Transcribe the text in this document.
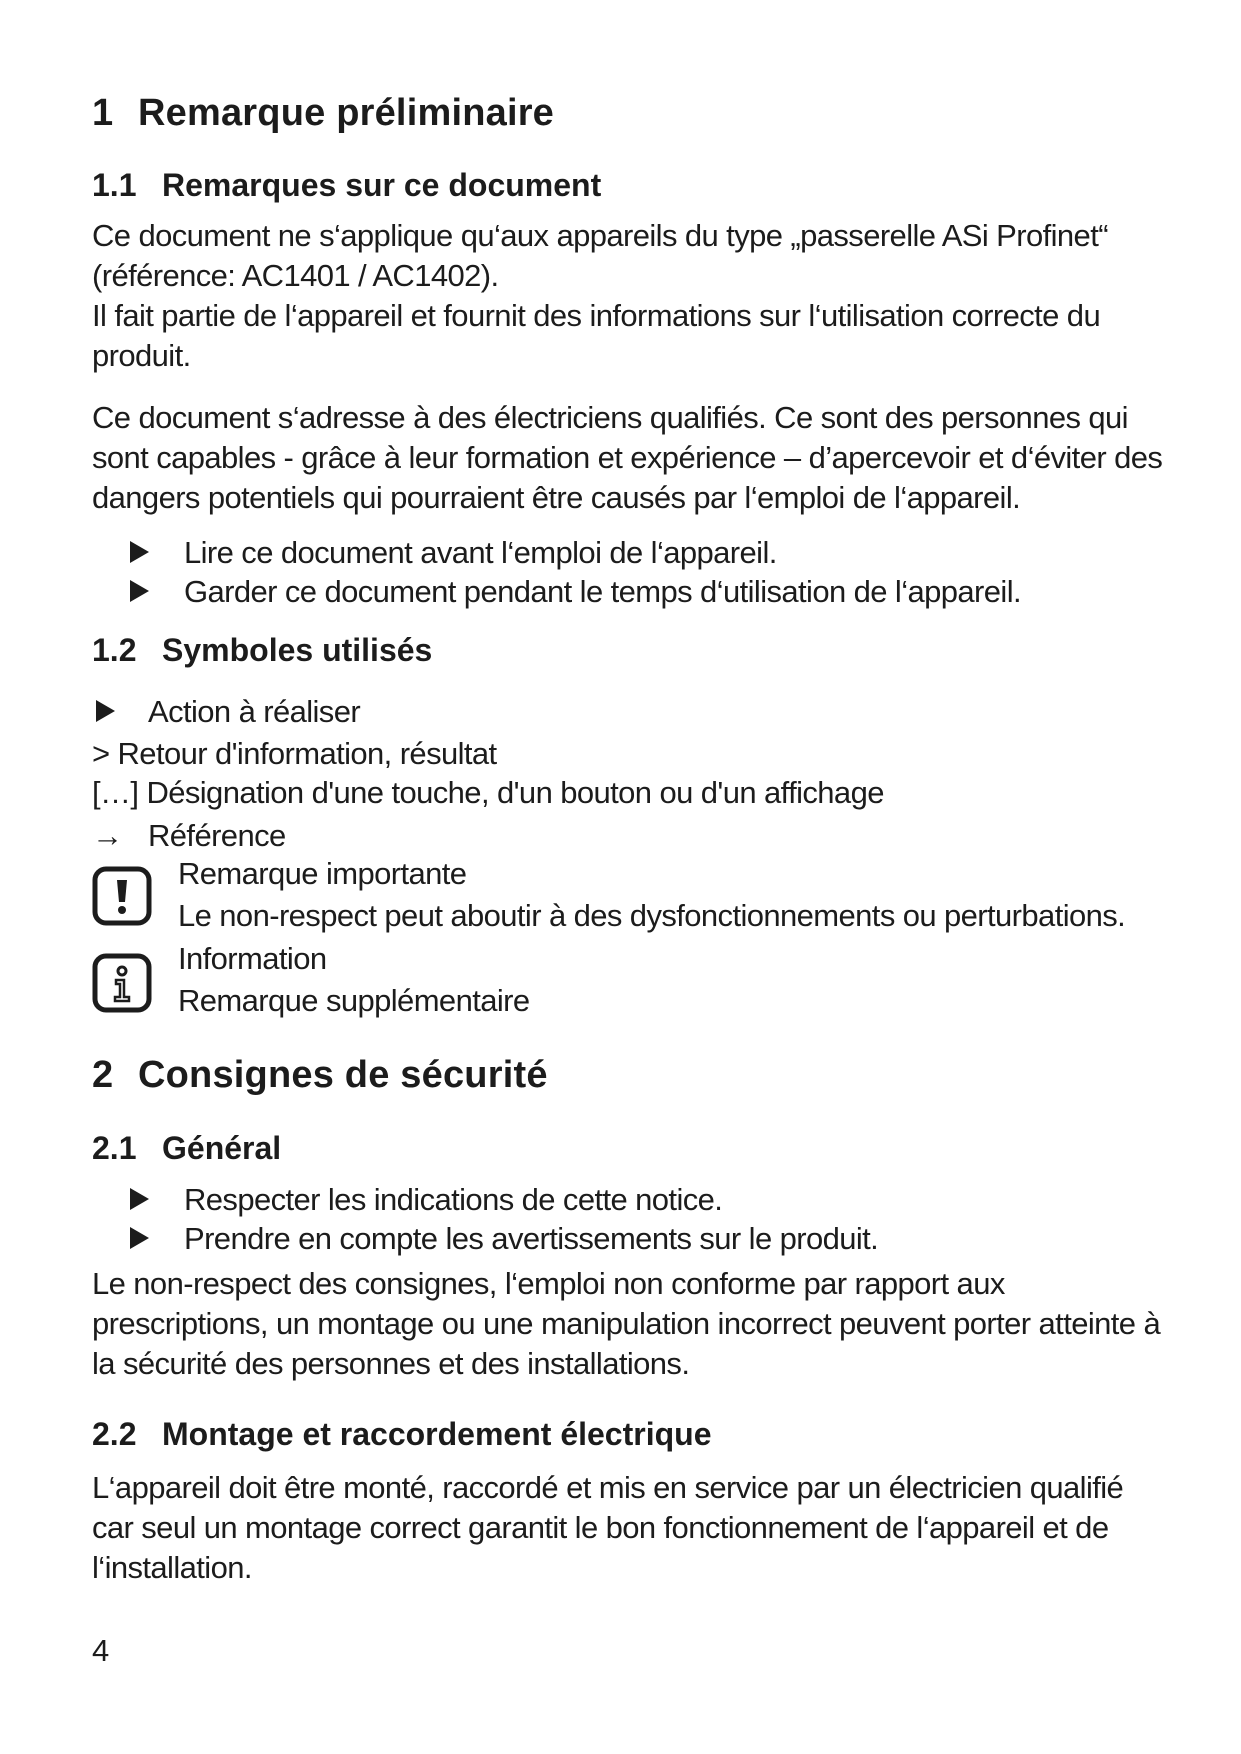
1 Remarque préliminaire
1.1 Remarques sur ce document
Ce document ne s‘applique qu‘aux appareils du type „passerelle ASi Profinet“
(référence: AC1401 / AC1402).
Il fait partie de l‘appareil et fournit des informations sur l‘utilisation correcte du
produit.
Ce document s‘adresse à des électriciens qualifiés. Ce sont des personnes qui
sont capables - grâce à leur formation et expérience – d’apercevoir et d‘éviter des
dangers potentiels qui pourraient être causés par l‘emploi de l‘appareil.
Lire ce document avant l‘emploi de l‘appareil.
Garder ce document pendant le temps d‘utilisation de l‘appareil.
1.2 Symboles utilisés
Action à réaliser
> Retour d'information, résultat
[…] Désignation d'une touche, d'un bouton ou d'un affichage
→ Référence
Remarque importante
Le non-respect peut aboutir à des dysfonctionnements ou perturbations.
Information
Remarque supplémentaire
2 Consignes de sécurité
2.1 Général
Respecter les indications de cette notice.
Prendre en compte les avertissements sur le produit.
Le non-respect des consignes, l‘emploi non conforme par rapport aux
prescriptions, un montage ou une manipulation incorrect peuvent porter atteinte à
la sécurité des personnes et des installations.
2.2 Montage et raccordement électrique
L‘appareil doit être monté, raccordé et mis en service par un électricien qualifié
car seul un montage correct garantit le bon fonctionnement de l‘appareil et de
l‘installation.
4
